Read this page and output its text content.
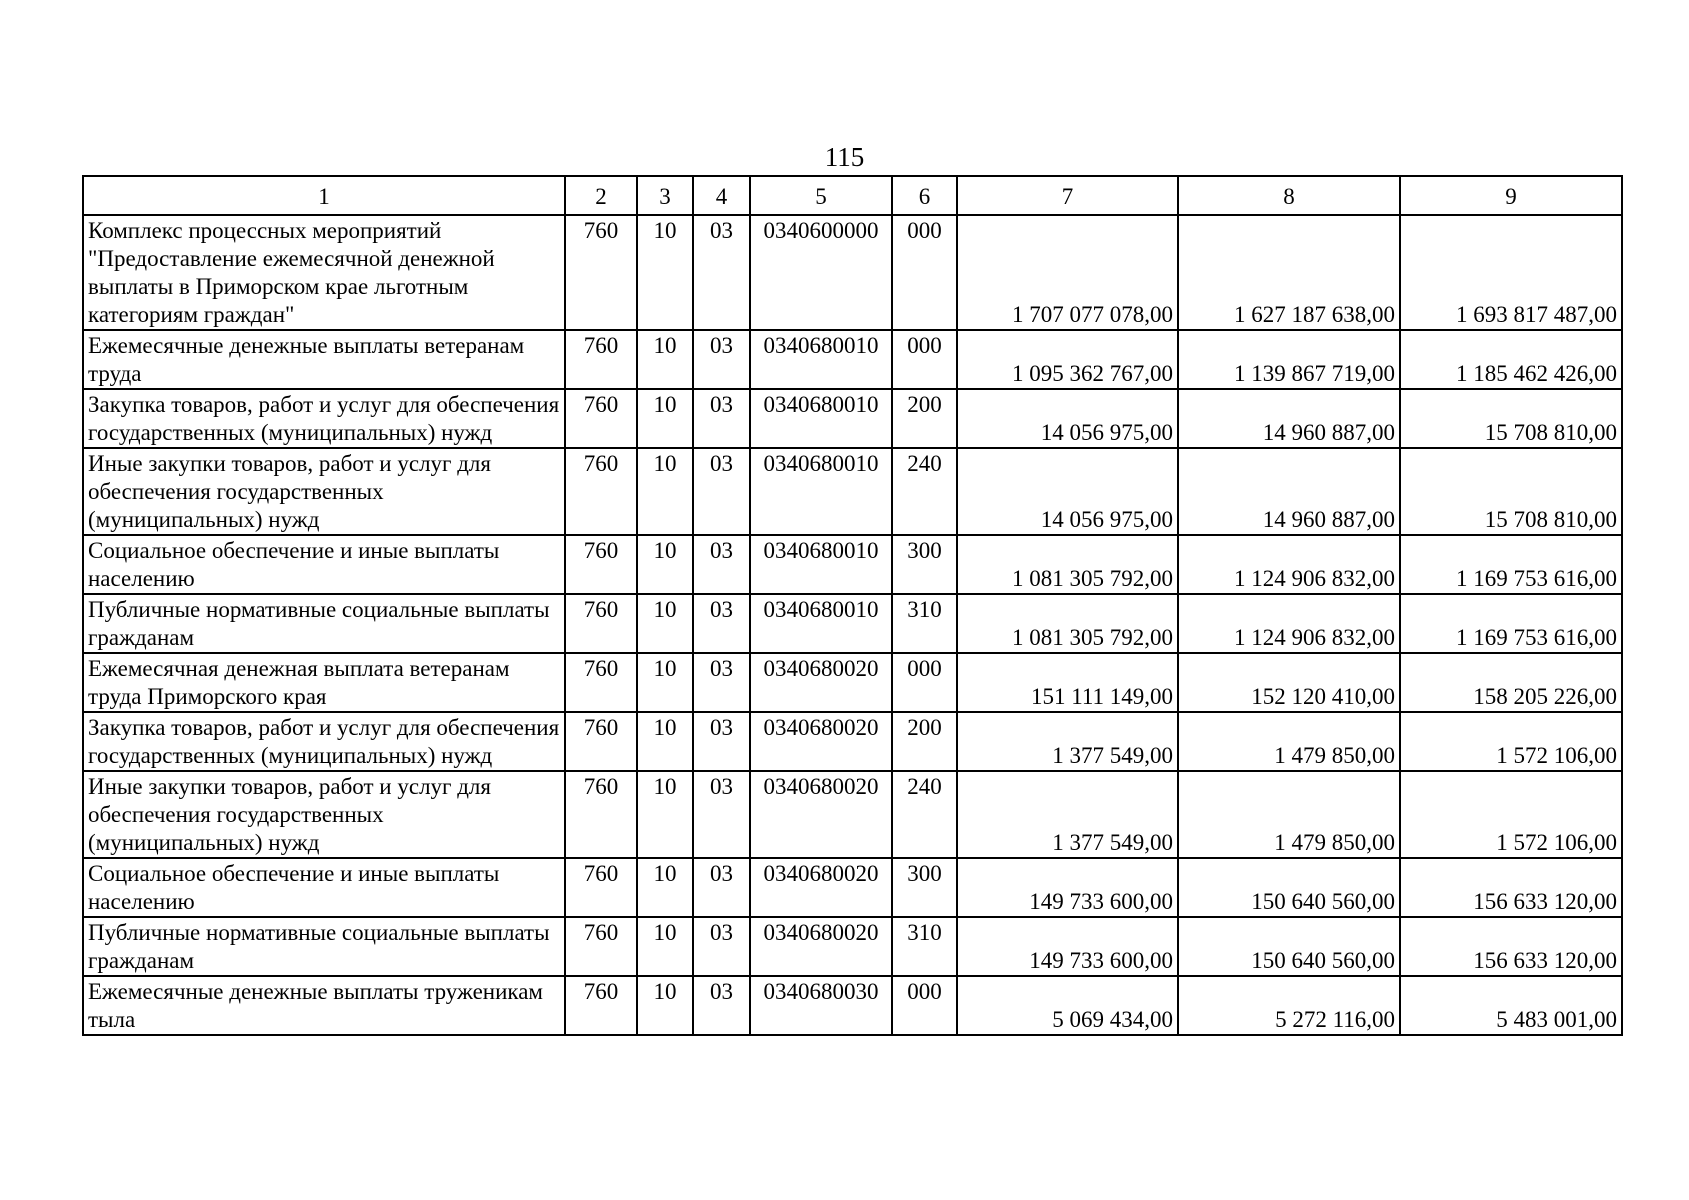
115
1	2	3	4	5	6	7	8	9
Комплекс процессных мероприятий "Предоставление ежемесячной денежной выплаты в Приморском крае льготным категориям граждан"	760	10	03	0340600000	000	1 707 077 078,00	1 627 187 638,00	1 693 817 487,00
Ежемесячные денежные выплаты ветеранам труда	760	10	03	0340680010	000	1 095 362 767,00	1 139 867 719,00	1 185 462 426,00
Закупка товаров, работ и услуг для обеспечения государственных (муниципальных) нужд	760	10	03	0340680010	200	14 056 975,00	14 960 887,00	15 708 810,00
Иные закупки товаров, работ и услуг для обеспечения государственных (муниципальных) нужд	760	10	03	0340680010	240	14 056 975,00	14 960 887,00	15 708 810,00
Социальное обеспечение и иные выплаты населению	760	10	03	0340680010	300	1 081 305 792,00	1 124 906 832,00	1 169 753 616,00
Публичные нормативные социальные выплаты гражданам	760	10	03	0340680010	310	1 081 305 792,00	1 124 906 832,00	1 169 753 616,00
Ежемесячная денежная выплата ветеранам труда Приморского края	760	10	03	0340680020	000	151 111 149,00	152 120 410,00	158 205 226,00
Закупка товаров, работ и услуг для обеспечения государственных (муниципальных) нужд	760	10	03	0340680020	200	1 377 549,00	1 479 850,00	1 572 106,00
Иные закупки товаров, работ и услуг для обеспечения государственных (муниципальных) нужд	760	10	03	0340680020	240	1 377 549,00	1 479 850,00	1 572 106,00
Социальное обеспечение и иные выплаты населению	760	10	03	0340680020	300	149 733 600,00	150 640 560,00	156 633 120,00
Публичные нормативные социальные выплаты гражданам	760	10	03	0340680020	310	149 733 600,00	150 640 560,00	156 633 120,00
Ежемесячные денежные выплаты труженикам тыла	760	10	03	0340680030	000	5 069 434,00	5 272 116,00	5 483 001,00
